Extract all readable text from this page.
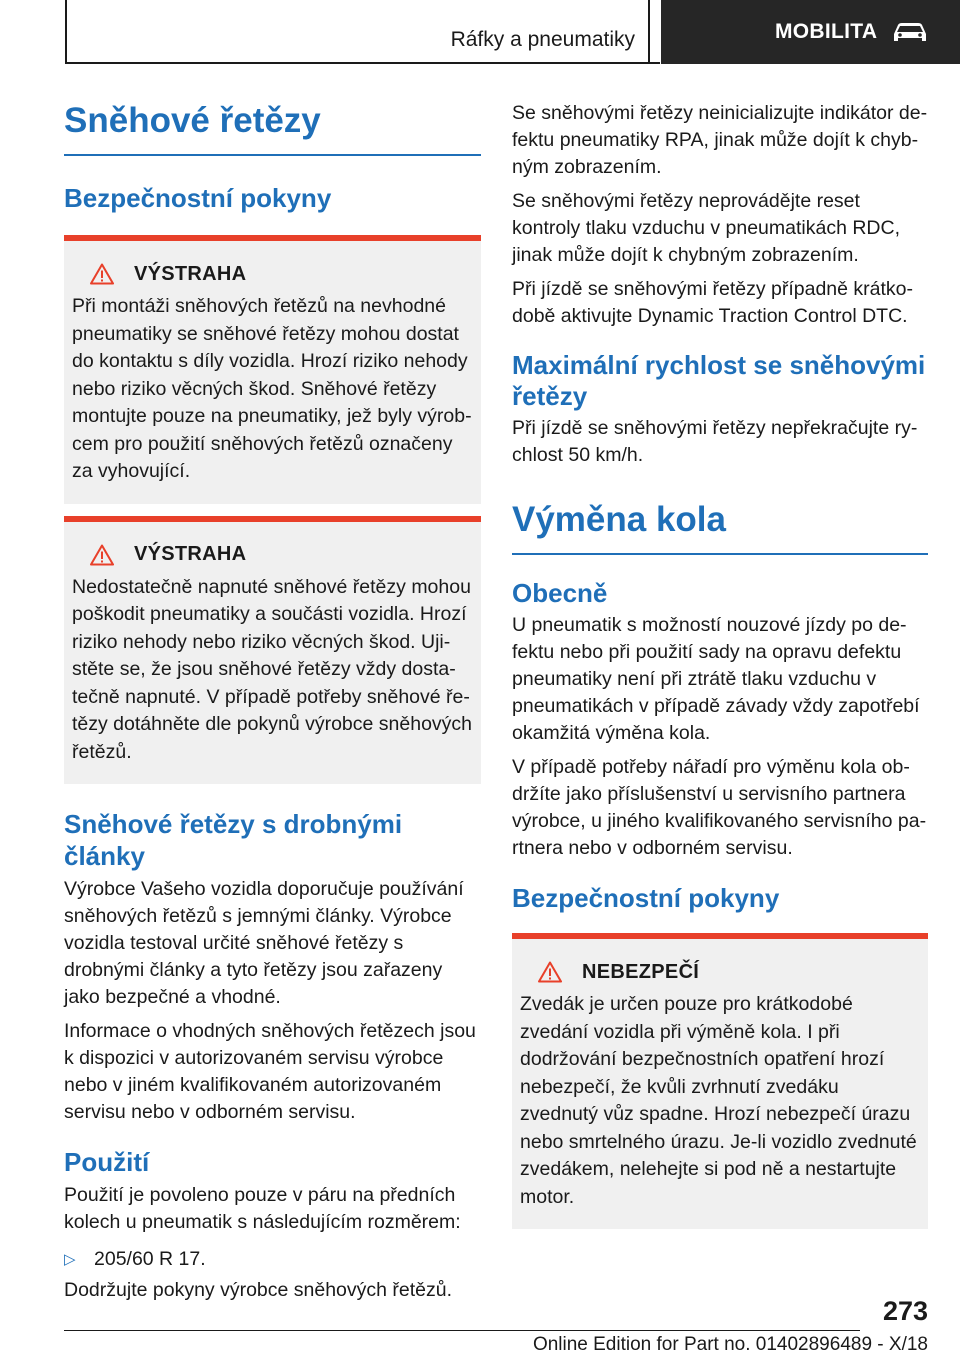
Ráfky a pneumatiky	MOBILITA
Sněhové řetězy
Bezpečnostní pokyny
VÝSTRAHA

Při montáži sněhových řetězů na nevhodné pneumatiky se sněhové řetězy mohou dostat do kontaktu s díly vozidla. Hrozí riziko nehody nebo riziko věcných škod. Sněhové řetězy montujte pouze na pneumatiky, jež byly výrobcem pro použití sněhových řetězů označeny za vyhovující.

VÝSTRAHA

Nedostatečně napnuté sněhové řetězy mohou poškodit pneumatiky a součásti vozidla. Hrozí riziko nehody nebo riziko věcných škod. Ujistěte se, že jsou sněhové řetězy vždy dostatečně napnuté. V případě potřeby sněhové řetězy dotáhněte dle pokynů výrobce sněhových řetězů.

Sněhové řetězy s drobnými články

Výrobce Vašeho vozidla doporučuje používání sněhových řetězů s jemnými články. Výrobce vozidla testoval určité sněhové řetězy s drobnými články a tyto řetězy jsou zařazeny jako bezpečné a vhodné.

Informace o vhodných sněhových řetězech jsou k dispozici v autorizovaném servisu výrobce nebo v jiném kvalifikovaném autorizovaném servisu nebo v odborném servisu.

Použití

Použití je povoleno pouze v páru na předních kolech u pneumatik s následujícím rozměrem:

▷ 205/60 R 17.

Dodržujte pokyny výrobce sněhových řetězů.

Se sněhovými řetězy neinicializujte indikátor defektu pneumatiky RPA, jinak může dojít k chybným zobrazením.

Se sněhovými řetězy neprovádějte reset kontroly tlaku vzduchu v pneumatikách RDC, jinak může dojít k chybným zobrazením.

Při jízdě se sněhovými řetězy případně krátkodobě aktivujte Dynamic Traction Control DTC.

Maximální rychlost se sněhovými řetězy

Při jízdě se sněhovými řetězy nepřekračujte rychlost 50 km/h.

Výměna kola
Obecně

U pneumatik s možností nouzové jízdy po defektu nebo při použití sady na opravu defektu pneumatiky není při ztrátě tlaku vzduchu v pneumatikách v případě závady vždy zapotřebí okamžitá výměna kola.

V případě potřeby nářadí pro výměnu kola obdržíte jako příslušenství u servisního partnera výrobce, u jiného kvalifikovaného servisního partnera nebo v odborném servisu.

Bezpečnostní pokyny
NEBEZPEČÍ

Zvedák je určen pouze pro krátkodobé zvedání vozidla při výměně kola. I při dodržování bezpečnostních opatření hrozí nebezpečí, že kvůli zvrhnutí zvedáku zvednutý vůz spadne. Hrozí nebezpečí úrazu nebo smrtelného úrazu. Je-li vozidlo zvednuté zvedákem, nelehejte si pod ně a nestartujte motor.

273
Online Edition for Part no. 01402896489 - X/18
